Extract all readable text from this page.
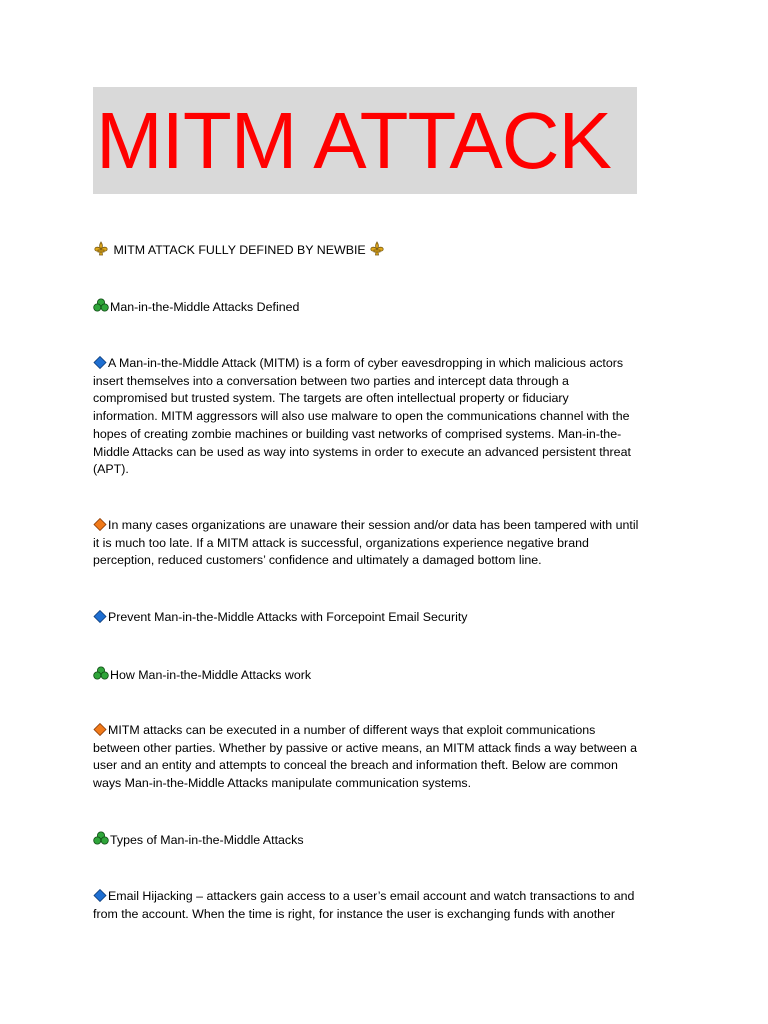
MITM ATTACK
MITM ATTACK FULLY DEFINED BY NEWBIE
Man-in-the-Middle Attacks Defined
A Man-in-the-Middle Attack (MITM) is a form of cyber eavesdropping in which malicious actors
insert themselves into a conversation between two parties and intercept data through a
compromised but trusted system. The targets are often intellectual property or fiduciary
information. MITM aggressors will also use malware to open the communications channel with the
hopes of creating zombie machines or building vast networks of comprised systems. Man-in-the-
Middle Attacks can be used as way into systems in order to execute an advanced persistent threat
(APT).
In many cases organizations are unaware their session and/or data has been tampered with until
it is much too late. If a MITM attack is successful, organizations experience negative brand
perception, reduced customers’ confidence and ultimately a damaged bottom line.
Prevent Man-in-the-Middle Attacks with Forcepoint Email Security
How Man-in-the-Middle Attacks work
MITM attacks can be executed in a number of different ways that exploit communications
between other parties. Whether by passive or active means, an MITM attack finds a way between a
user and an entity and attempts to conceal the breach and information theft. Below are common
ways Man-in-the-Middle Attacks manipulate communication systems.
Types of Man-in-the-Middle Attacks
Email Hijacking – attackers gain access to a user’s email account and watch transactions to and
from the account. When the time is right, for instance the user is exchanging funds with another
